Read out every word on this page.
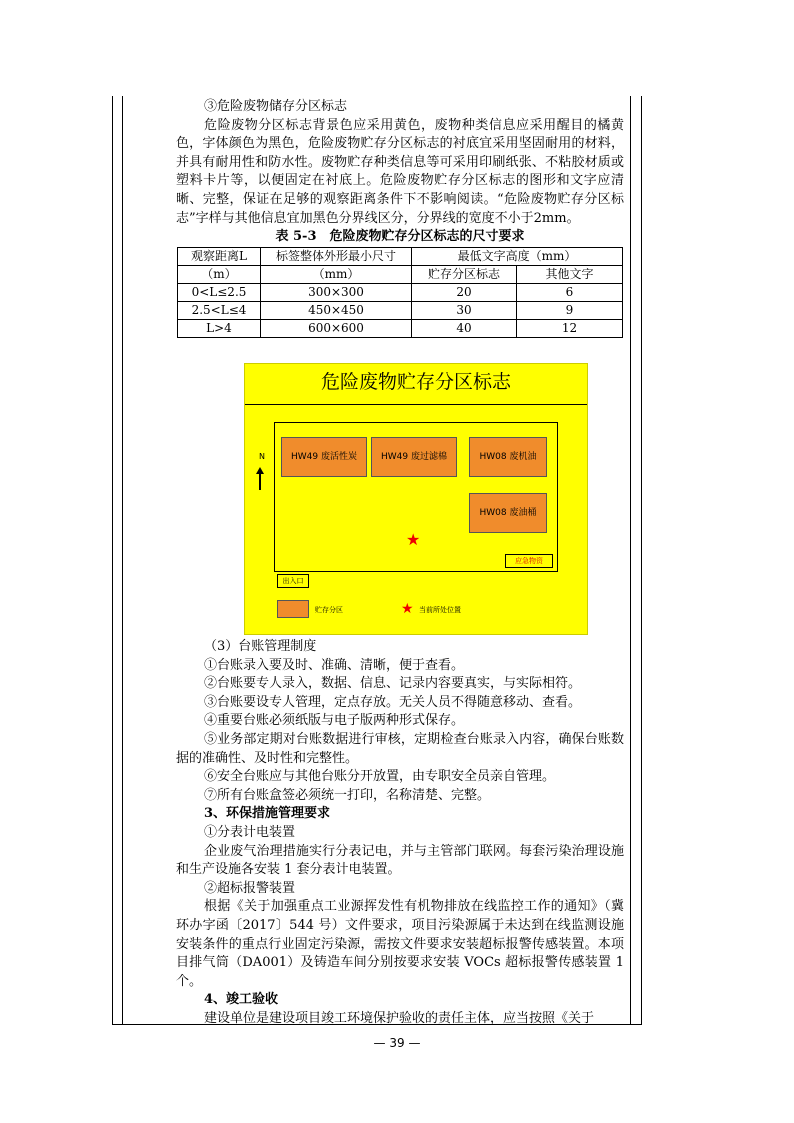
③危险废物储存分区标志

危险废物分区标志背景色应采用黄色，废物种类信息应采用醒目的橘黄色，字体颜色为黑色，危险废物贮存分区标志的衬底宜采用坚固耐用的材料，并具有耐用性和防水性。废物贮存种类信息等可采用印刷纸张、不粘胶材质或塑料卡片等，以便固定在衬底上。危险废物贮存分区标志的图形和文字应清晰、完整，保证在足够的观察距离条件下不影响阅读。“危险废物贮存分区标志”字样与其他信息宜加黑色分界线区分，分界线的宽度不小于2mm。

表 5-3　危险废物贮存分区标志的尺寸要求

观察距离L	标签整体外形最小尺寸	最低文字高度（mm）	
（m）	（mm）	贮存分区标志	其他文字
0<L≤2.5	300×300	20	6
2.5<L≤4	450×450	30	9
L>4	600×600	40	12
危险废物贮存分区标志
N	HW49 废活性炭	HW49 废过滤棉	HW08 废机油
HW08 废油桶
★
应急物资
出入口
贮存分区	★ 当前所处位置

（3）台账管理制度

①台账录入要及时、准确、清晰，便于查看。

②台账要专人录入，数据、信息、记录内容要真实，与实际相符。

③台账要设专人管理，定点存放。无关人员不得随意移动、查看。

④重要台账必须纸版与电子版两种形式保存。

⑤业务部定期对台账数据进行审核，定期检查台账录入内容，确保台账数据的准确性、及时性和完整性。

⑥安全台账应与其他台账分开放置，由专职安全员亲自管理。

⑦所有台账盒签必须统一打印，名称清楚、完整。

3、环保措施管理要求

①分表计电装置

企业废气治理措施实行分表记电，并与主管部门联网。每套污染治理设施和生产设施各安装 1 套分表计电装置。

②超标报警装置

根据《关于加强重点工业源挥发性有机物排放在线监控工作的通知》（冀环办字函〔2017〕544 号）文件要求，项目污染源属于未达到在线监测设施安装条件的重点行业固定污染源，需按文件要求安装超标报警传感装置。本项目排气筒（DA001）及铸造车间分别按要求安装 VOCs 超标报警传感装置 1 个。

4、竣工验收

建设单位是建设项目竣工环境保护验收的责任主体，应当按照《关于

— 39 —
